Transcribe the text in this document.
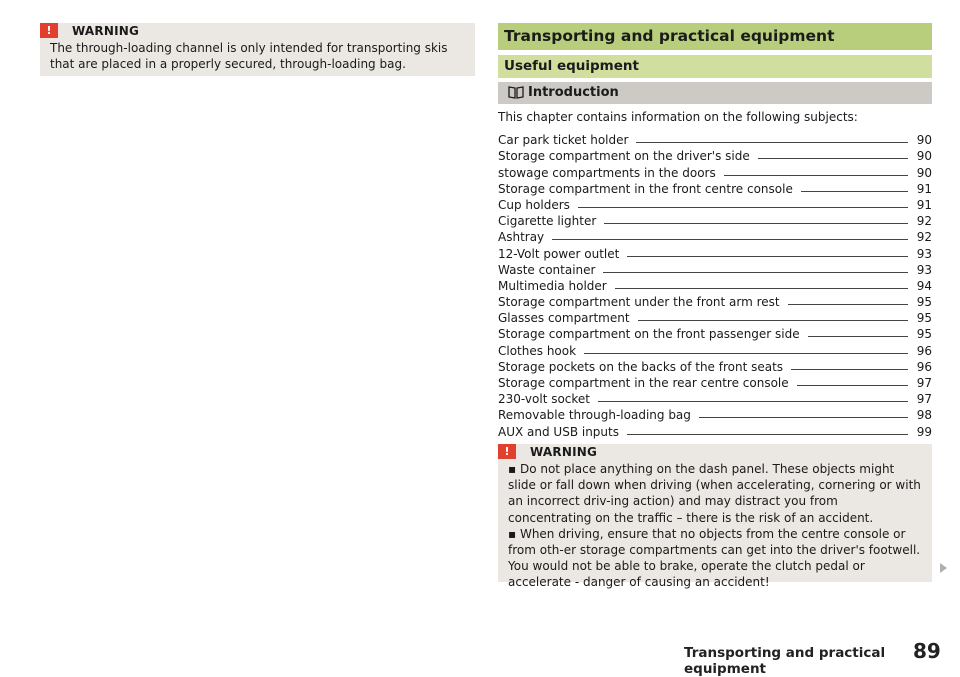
!	WARNING
The through-loading channel is only intended for transporting skis that are placed in a properly secured, through-loading bag.
Transporting and practical equipment
Useful equipment
Introduction
This chapter contains information on the following subjects:
Car park ticket holder	90
Storage compartment on the driver's side	90
stowage compartments in the doors	90
Storage compartment in the front centre console	91
Cup holders	91
Cigarette lighter	92
Ashtray	92
12-Volt power outlet	93
Waste container	93
Multimedia holder	94
Storage compartment under the front arm rest	95
Glasses compartment	95
Storage compartment on the front passenger side	95
Clothes hook	96
Storage pockets on the backs of the front seats	96
Storage compartment in the rear centre console	97
230-volt socket	97
Removable through-loading bag	98
AUX and USB inputs	99
!	WARNING
▪ Do not place anything on the dash panel. These objects might slide or fall down when driving (when accelerating, cornering or with an incorrect driv-ing action) and may distract you from concentrating on the traffic – there is the risk of an accident.
▪ When driving, ensure that no objects from the centre console or from oth-er storage compartments can get into the driver's footwell. You would not be able to brake, operate the clutch pedal or accelerate - danger of causing an accident!
Transporting and practical equipment
89
